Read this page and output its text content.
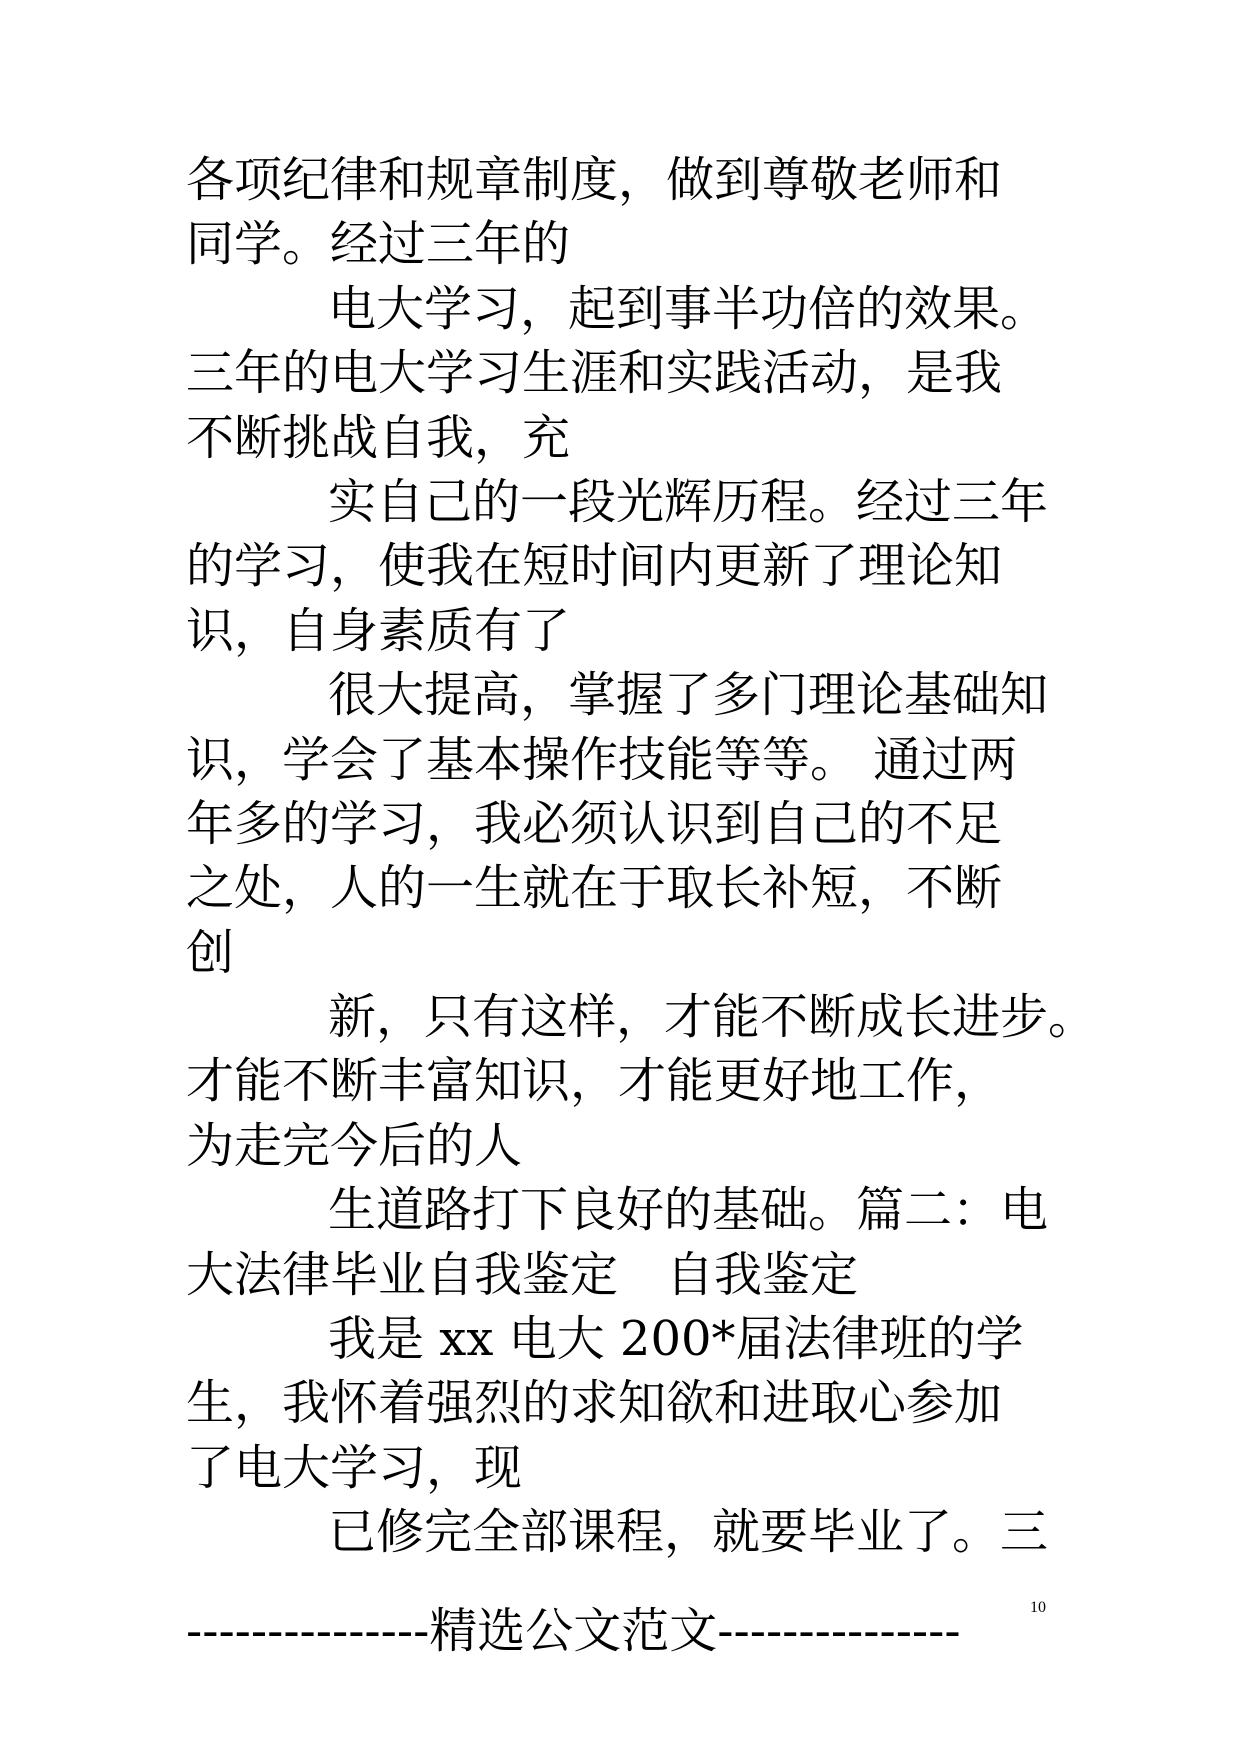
各项纪律和规章制度，做到尊敬老师和
同学。经过三年的
电大学习，起到事半功倍的效果。
三年的电大学习生涯和实践活动，是我
不断挑战自我，充
实自己的一段光辉历程。经过三年
的学习，使我在短时间内更新了理论知
识，自身素质有了
很大提高，掌握了多门理论基础知
识，学会了基本操作技能等等。 通过两
年多的学习，我必须认识到自己的不足
之处，人的一生就在于取长补短，不断
创
新，只有这样，才能不断成长进步。
才能不断丰富知识，才能更好地工作，
为走完今后的人
生道路打下良好的基础。篇二：电
大法律毕业自我鉴定　自我鉴定
我是 xx 电大 200*届法律班的学
生，我怀着强烈的求知欲和进取心参加
了电大学习，现
已修完全部课程，就要毕业了。三
---------------精选公文范文---------------	10
